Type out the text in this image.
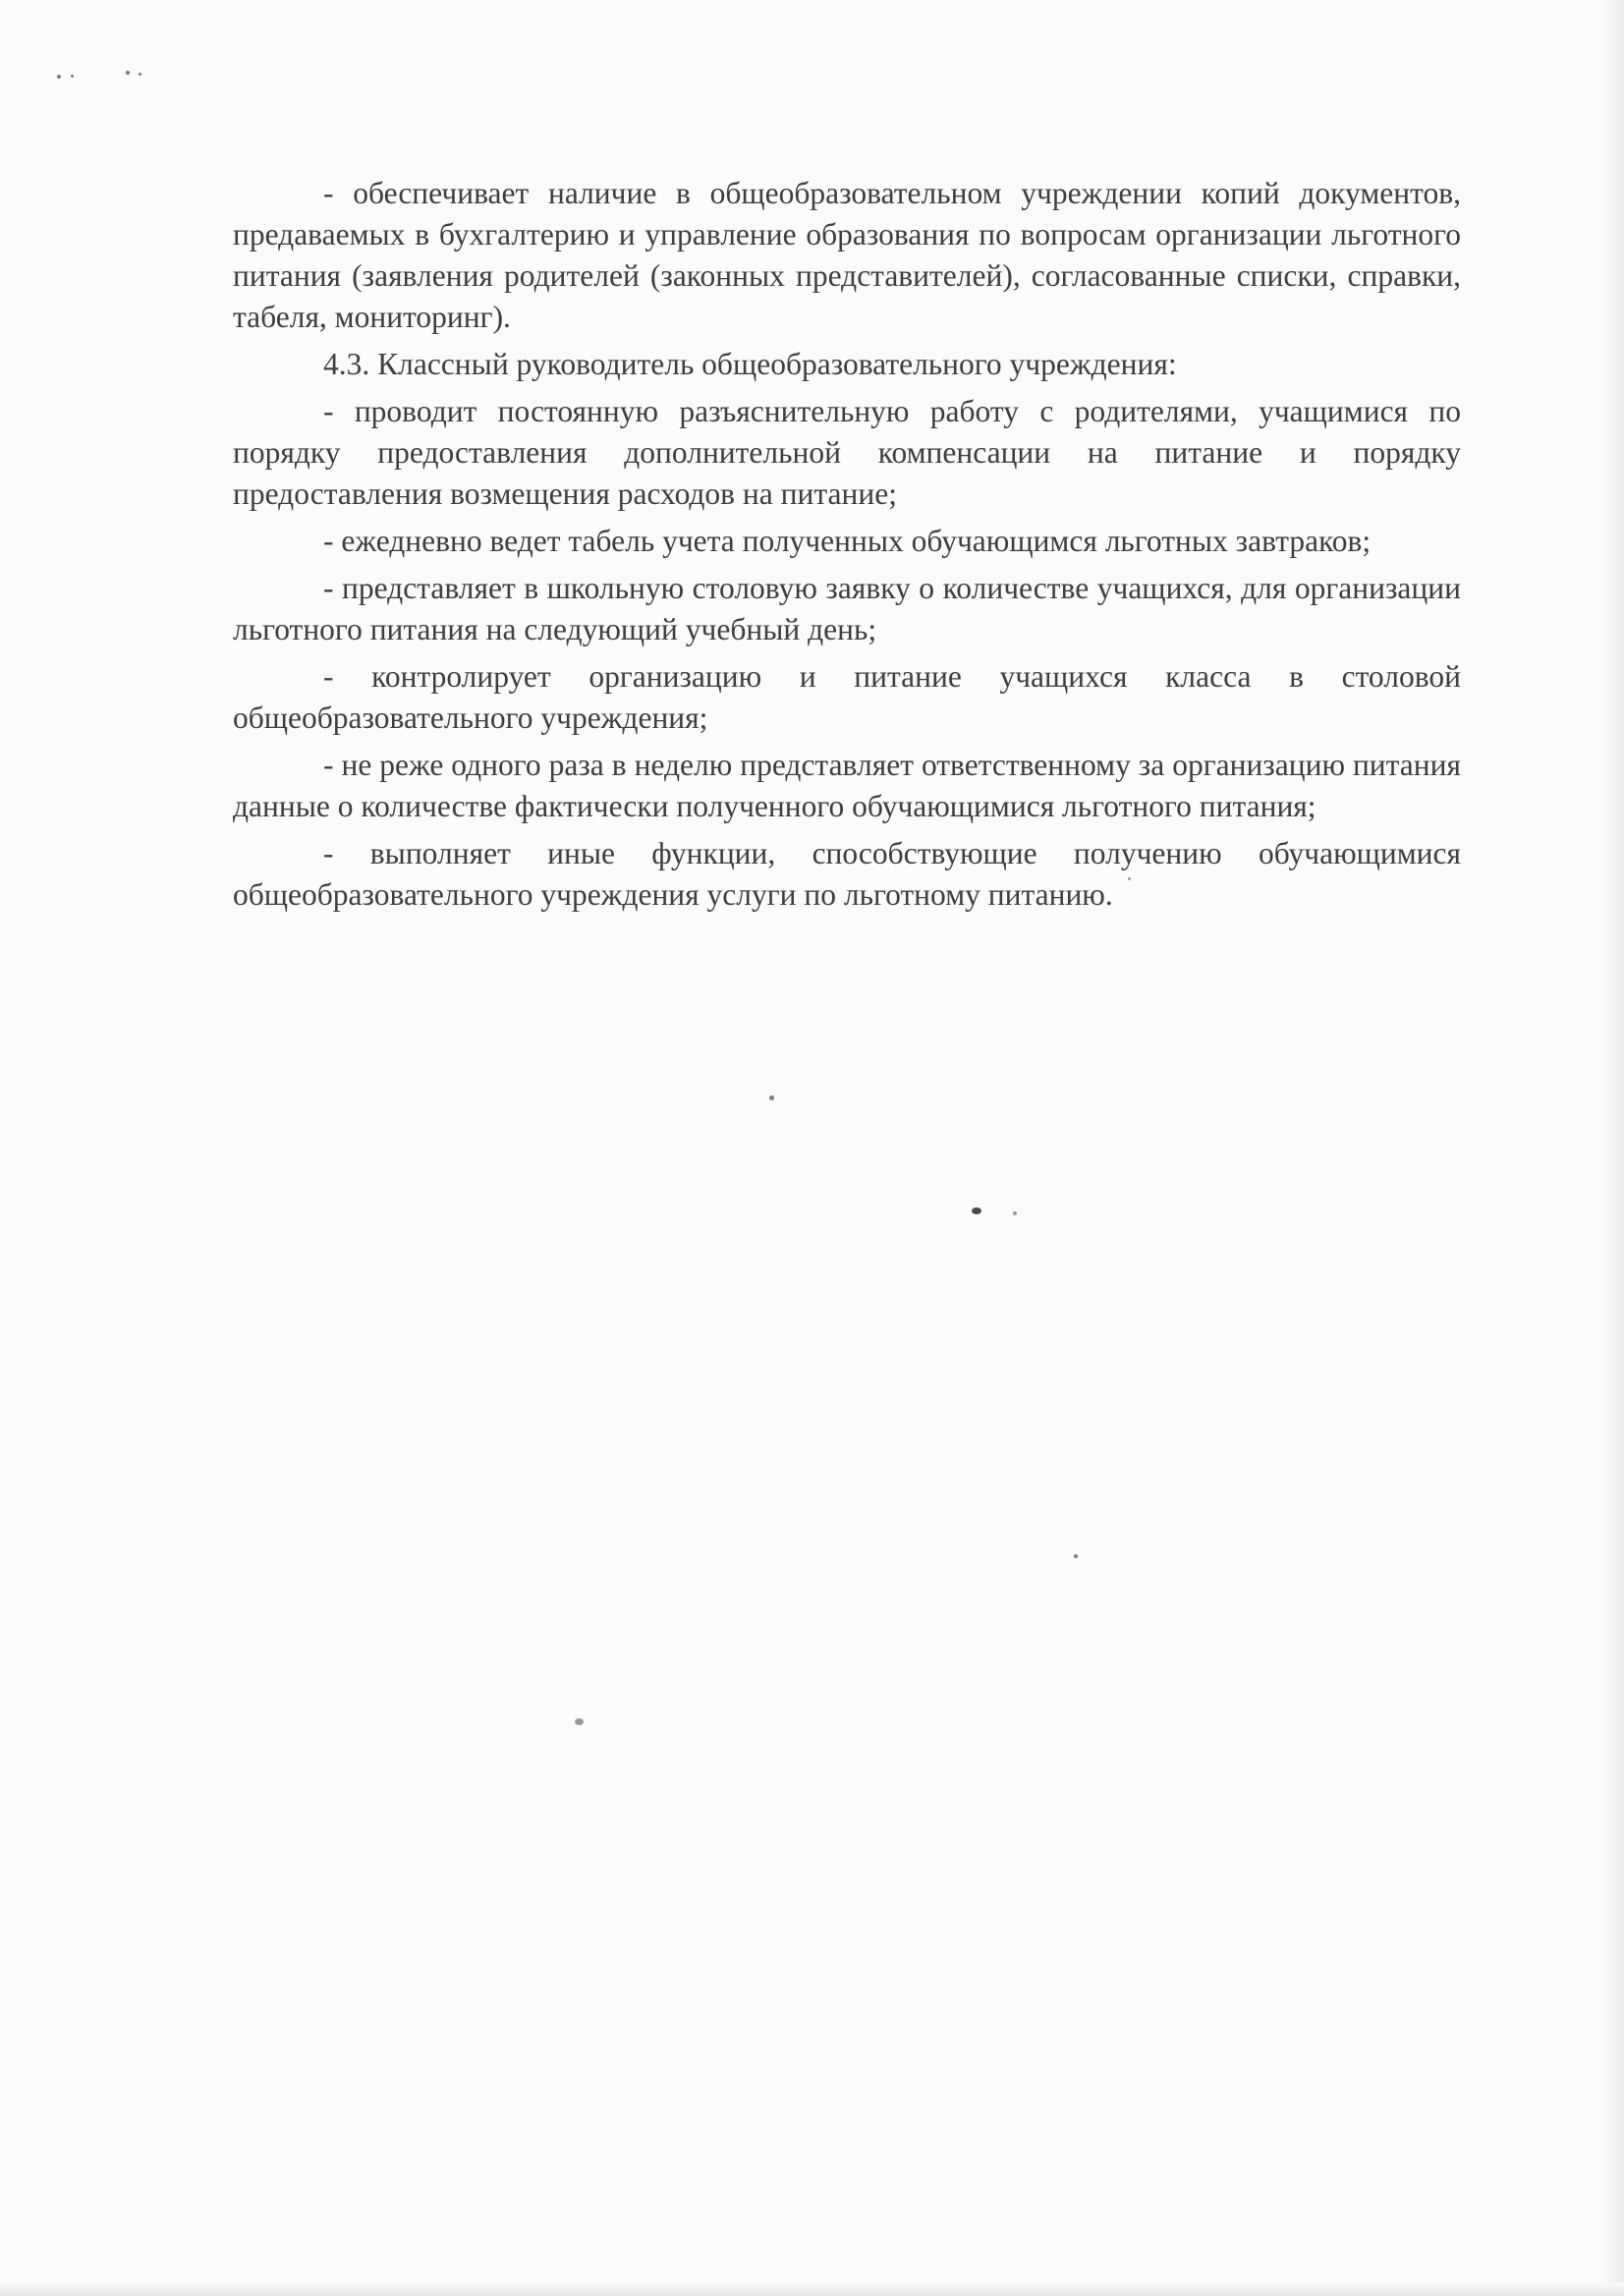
- обеспечивает наличие в общеобразовательном учреждении копий документов, предаваемых в бухгалтерию и управление образования по вопросам организации льготного питания (заявления родителей (законных представителей), согласованные списки, справки, табеля, мониторинг).

4.3. Классный руководитель общеобразовательного учреждения:

- проводит постоянную разъяснительную работу с родителями, учащимися по порядку предоставления дополнительной компенсации на питание и порядку предоставления возмещения расходов на питание;

- ежедневно ведет табель учета полученных обучающимся льготных завтраков;

- представляет в школьную столовую заявку о количестве учащихся, для организации льготного питания на следующий учебный день;

- контролирует организацию и питание учащихся класса в столовой общеобразовательного учреждения;

- не реже одного раза в неделю представляет ответственному за организацию питания данные о количестве фактически полученного обучающимися льготного питания;

- выполняет иные функции, способствующие получению обучающимися общеобразовательного учреждения услуги по льготному питанию.
